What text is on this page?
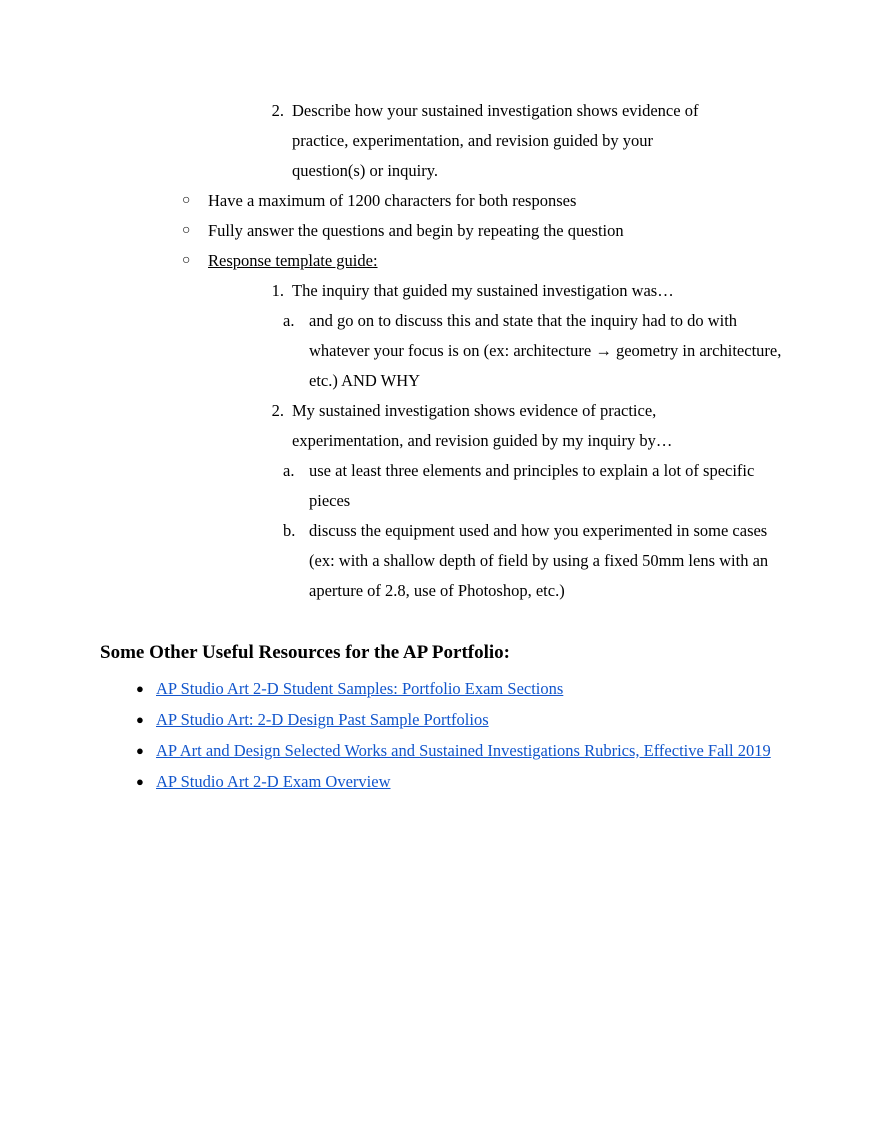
2. Describe how your sustained investigation shows evidence of practice, experimentation, and revision guided by your question(s) or inquiry.
○ Have a maximum of 1200 characters for both responses
○ Fully answer the questions and begin by repeating the question
○ Response template guide:
1. The inquiry that guided my sustained investigation was…
a. and go on to discuss this and state that the inquiry had to do with whatever your focus is on (ex: architecture → geometry in architecture, etc.) AND WHY
2. My sustained investigation shows evidence of practice, experimentation, and revision guided by my inquiry by…
a. use at least three elements and principles to explain a lot of specific pieces
b. discuss the equipment used and how you experimented in some cases (ex: with a shallow depth of field by using a fixed 50mm lens with an aperture of 2.8, use of Photoshop, etc.)
Some Other Useful Resources for the AP Portfolio:
● AP Studio Art 2-D Student Samples: Portfolio Exam Sections
● AP Studio Art: 2-D Design Past Sample Portfolios
● AP Art and Design Selected Works and Sustained Investigations Rubrics, Effective Fall 2019
● AP Studio Art 2-D Exam Overview
